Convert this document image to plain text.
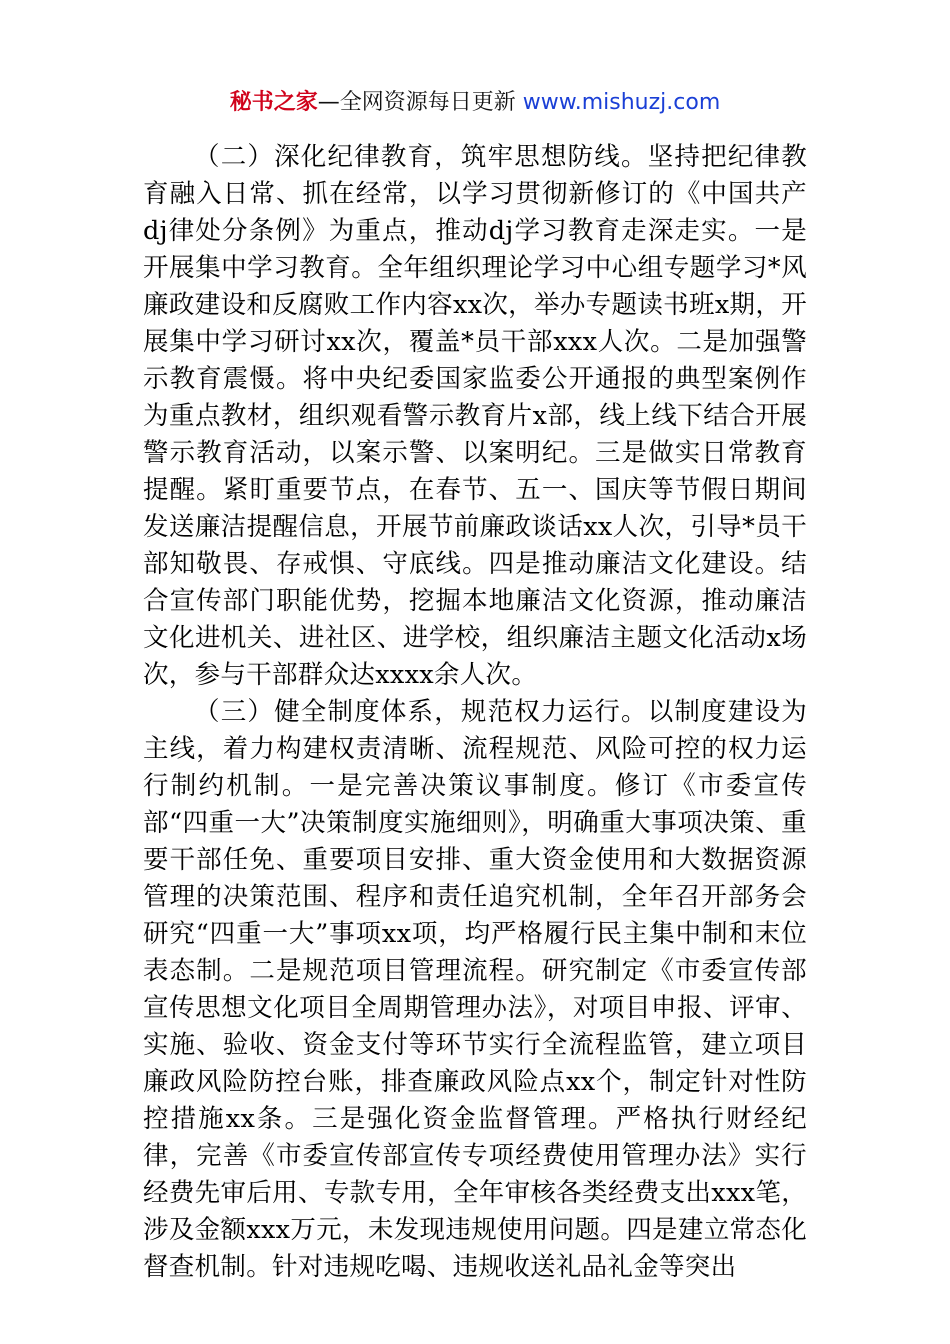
秘书之家—全网资源每日更新 www.mishuzj.com

（二）深化纪律教育，筑牢思想防线。坚持把纪律教育融入日常、抓在经常，以学习贯彻新修订的《中国共产dj律处分条例》为重点，推动dj学习教育走深走实。一是开展集中学习教育。全年组织理论学习中心组专题学习*风廉政建设和反腐败工作内容xx次，举办专题读书班x期，开展集中学习研讨xx次，覆盖*员干部xxx人次。二是加强警示教育震慑。将中央纪委国家监委公开通报的典型案例作为重点教材，组织观看警示教育片x部，线上线下结合开展警示教育活动，以案示警、以案明纪。三是做实日常教育提醒。紧盯重要节点，在春节、五一、国庆等节假日期间发送廉洁提醒信息，开展节前廉政谈话xx人次，引导*员干部知敬畏、存戒惧、守底线。四是推动廉洁文化建设。结合宣传部门职能优势，挖掘本地廉洁文化资源，推动廉洁文化进机关、进社区、进学校，组织廉洁主题文化活动x场次，参与干部群众达xxxx余人次。

（三）健全制度体系，规范权力运行。以制度建设为主线，着力构建权责清晰、流程规范、风险可控的权力运行制约机制。一是完善决策议事制度。修订《市委宣传部“四重一大”决策制度实施细则》，明确重大事项决策、重要干部任免、重要项目安排、重大资金使用和大数据资源管理的决策范围、程序和责任追究机制，全年召开部务会研究“四重一大”事项xx项，均严格履行民主集中制和末位表态制。二是规范项目管理流程。研究制定《市委宣传部宣传思想文化项目全周期管理办法》，对项目申报、评审、实施、验收、资金支付等环节实行全流程监管，建立项目廉政风险防控台账，排查廉政风险点xx个，制定针对性防控措施xx条。三是强化资金监督管理。严格执行财经纪律，完善《市委宣传部宣传专项经费使用管理办法》实行经费先审后用、专款专用，全年审核各类经费支出xxx笔，涉及金额xxx万元，未发现违规使用问题。四是建立常态化督查机制。针对违规吃喝、违规收送礼品礼金等突出
